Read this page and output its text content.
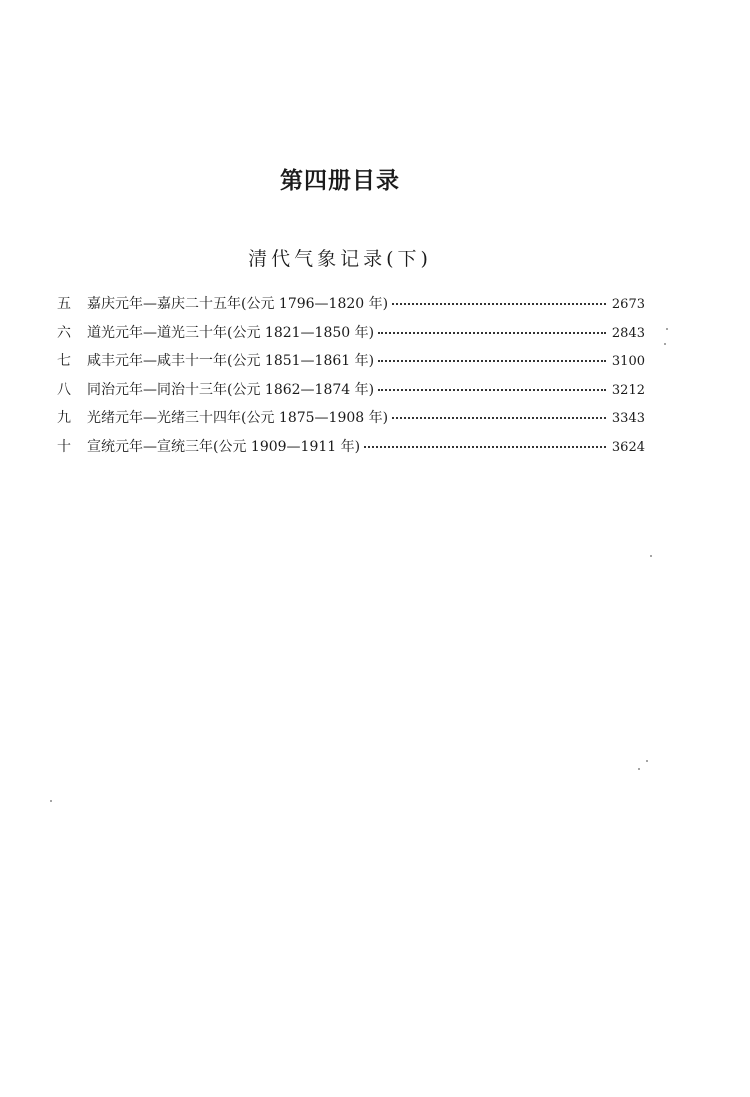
第四册目录
清代气象记录(下)
五	嘉庆元年—嘉庆二十五年(公元 1796—1820 年)	2673
六	道光元年—道光三十年(公元 1821—1850 年)	2843
七	咸丰元年—咸丰十一年(公元 1851—1861 年)	3100
八	同治元年—同治十三年(公元 1862—1874 年)	3212
九	光绪元年—光绪三十四年(公元 1875—1908 年)	3343
十	宣统元年—宣统三年(公元 1909—1911 年)	3624
